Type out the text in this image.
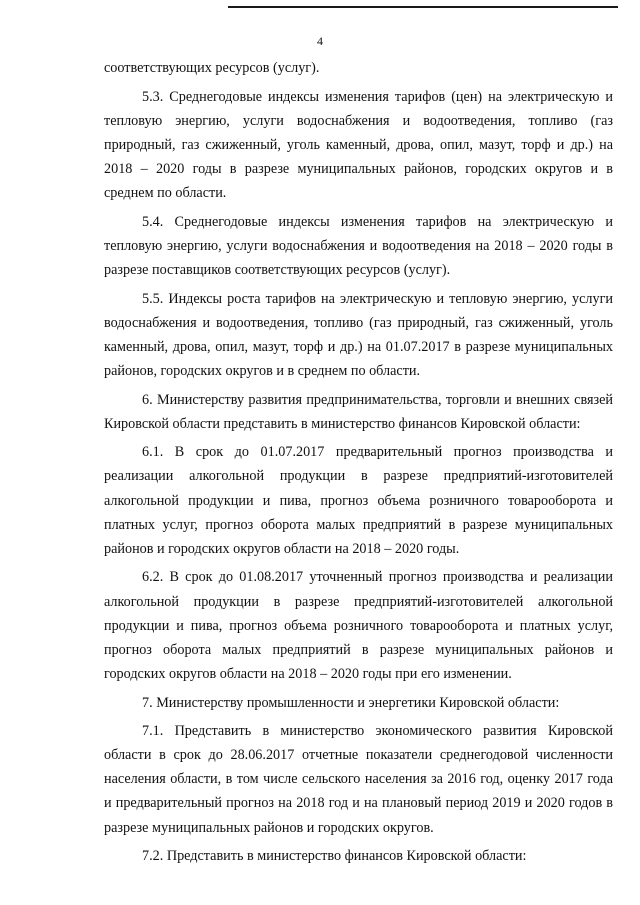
4

соответствующих ресурсов (услуг).

5.3. Среднегодовые индексы изменения тарифов (цен) на электрическую и тепловую энергию, услуги водоснабжения и водоотведения, топливо (газ природный, газ сжиженный, уголь каменный, дрова, опил, мазут, торф и др.) на 2018 – 2020 годы в разрезе муниципальных районов, городских округов и в среднем по области.

5.4. Среднегодовые индексы изменения тарифов на электрическую и тепловую энергию, услуги водоснабжения и водоотведения на 2018 – 2020 годы в разрезе поставщиков соответствующих ресурсов (услуг).

5.5. Индексы роста тарифов на электрическую и тепловую энергию, услуги водоснабжения и водоотведения, топливо (газ природный, газ сжиженный, уголь каменный, дрова, опил, мазут, торф и др.) на 01.07.2017 в разрезе муниципальных районов, городских округов и в среднем по области.

6. Министерству развития предпринимательства, торговли и внешних связей Кировской области представить в министерство финансов Кировской области:

6.1. В срок до 01.07.2017 предварительный прогноз производства и реализации алкогольной продукции в разрезе предприятий-изготовителей алкогольной продукции и пива, прогноз объема розничного товарооборота и платных услуг, прогноз оборота малых предприятий в разрезе муниципальных районов и городских округов области на 2018 – 2020 годы.

6.2. В срок до 01.08.2017 уточненный прогноз производства и реализации алкогольной продукции в разрезе предприятий-изготовителей алкогольной продукции и пива, прогноз объема розничного товарооборота и платных услуг, прогноз оборота малых предприятий в разрезе муниципальных районов и городских округов области на 2018 – 2020 годы при его изменении.

7. Министерству промышленности и энергетики Кировской области:

7.1. Представить в министерство экономического развития Кировской области в срок до 28.06.2017 отчетные показатели среднегодовой численности населения области, в том числе сельского населения за 2016 год, оценку 2017 года и предварительный прогноз на 2018 год и на плановый период 2019 и 2020 годов в разрезе муниципальных районов и городских округов.

7.2. Представить в министерство финансов Кировской области:
